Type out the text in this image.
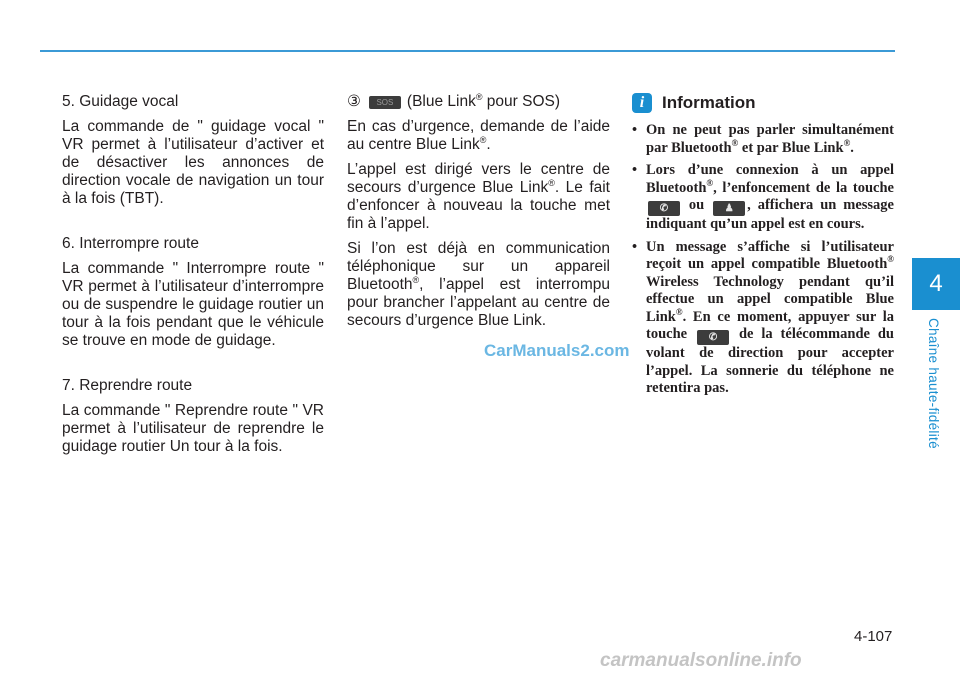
5. Guidage vocal

La commande de " guidage vocal " VR permet à l’utilisateur d’activer et de désactiver les annonces de direction vocale de navigation un tour à la fois (TBT).

6. Interrompre route

La commande " Interrompre route " VR permet à l’utilisateur d’interrompre ou de suspendre le guidage routier un tour à la fois pendant que le véhicule se trouve en mode de guidage.

7. Reprendre route

La commande " Reprendre route " VR permet à l’utilisateur de reprendre le guidage routier Un tour à la fois.

③ SOS (Blue Link® pour SOS)

En cas d’urgence, demande de l’aide au centre Blue Link®.

L’appel est dirigé vers le centre de secours d’urgence Blue Link®. Le fait d’enfoncer à nouveau la touche met fin à l’appel.

Si l’on est déjà en communication téléphonique sur un appareil Bluetooth®, l’appel est interrompu pour brancher l’appelant au centre de secours d’urgence Blue Link.

i	Information
• On ne peut pas parler simultanément par Bluetooth® et par Blue Link®.
• Lors d’une connexion à un appel Bluetooth®, l’enfoncement de la touche ✆ ou ♟ , affichera un message indiquant qu’un appel est en cours.
• Un message s’affiche si l’utilisateur reçoit un appel compatible Bluetooth® Wireless Technology pendant qu’il effectue un appel compatible Blue Link®. En ce moment, appuyer sur la touche ✆ de la télécommande du volant de direction pour accepter l’appel. La sonnerie du téléphone ne retentira pas.
4
Chaîne haute-fidélité
CarManuals2.com
4-107
carmanualsonline.info
